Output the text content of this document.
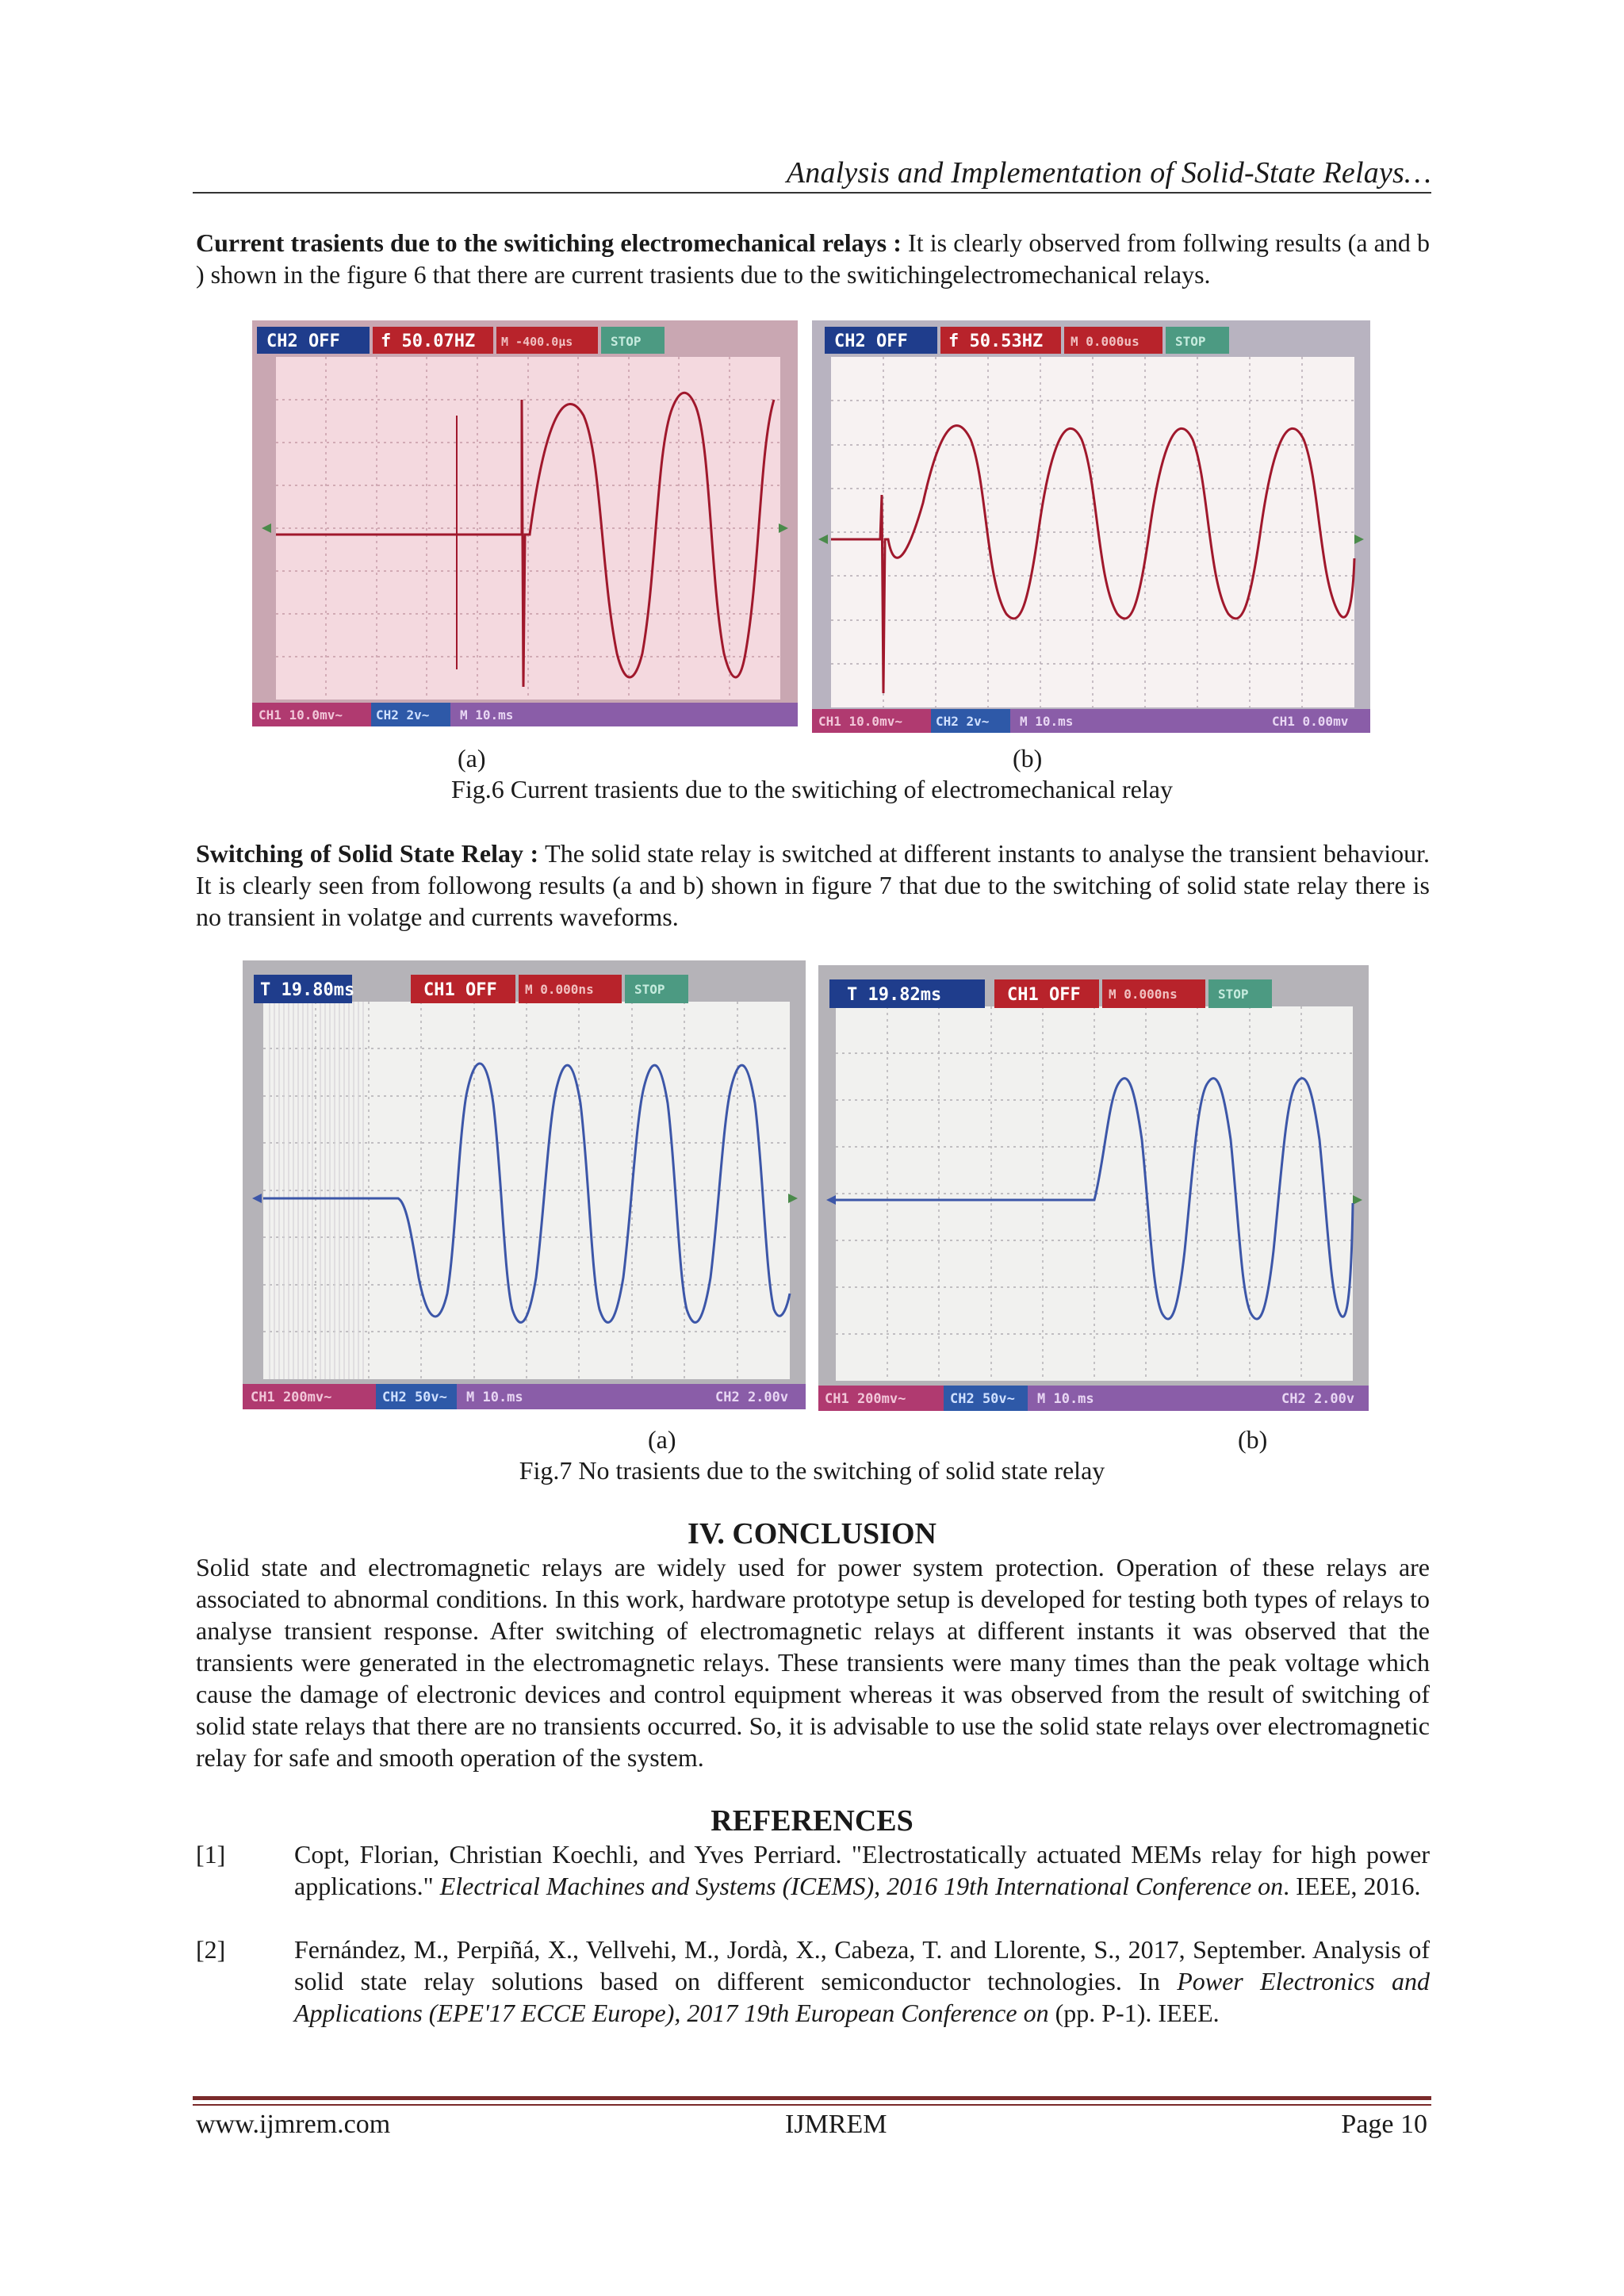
Analysis and Implementation of Solid-State Relays…
Current trasients due to the switiching electromechanical relays : It is clearly observed from follwing results (a and b ) shown in the figure 6 that there are current trasients due to the switichingelectromechanical relays.
CH2 OFF f 50.07HZ M -400.0μs	STOP
CH1 10.0mv~	CH2 2v~ M 10.ms
CH2 OFF f 50.53HZ M 0.000us	STOP
CH1 10.0mv~	CH2 2v~ M 10.ms	CH1 0.00mv
(a)	(b)
Fig.6 Current trasients due to the switiching of electromechanical relay
Switching of Solid State Relay : The solid state relay is switched at different instants to analyse the transient behaviour. It is clearly seen from followong results (a and b) shown in figure 7 that due to the switching of solid state relay there is no transient in volatge and currents waveforms.
T 19.80ms	CH1 OFF M 0.000ns	STOP
CH1 200mv~	CH2 50v~ M 10.ms	CH2 2.00v
T 19.82ms	CH1 OFF M 0.000ns	STOP
CH1 200mv~	CH2 50v~ M 10.ms	CH2 2.00v
(a)	(b)
Fig.7 No trasients due to the switching of solid state relay
IV. CONCLUSION
Solid state and electromagnetic relays are widely used for power system protection. Operation of these relays are associated to abnormal conditions. In this work, hardware prototype setup is developed for testing both types of relays to analyse transient response. After switching of electromagnetic relays at different instants it was observed that the transients were generated in the electromagnetic relays. These transients were many times than the peak voltage which cause the damage of electronic devices and control equipment whereas it was observed from the result of switching of solid state relays that there are no transients occurred. So, it is advisable to use the solid state relays over electromagnetic relay for safe and smooth operation of the system.
REFERENCES
[1]	Copt, Florian, Christian Koechli, and Yves Perriard. "Electrostatically actuated MEMs relay for high power applications." Electrical Machines and Systems (ICEMS), 2016 19th International Conference on. IEEE, 2016.
[2]	Fernández, M., Perpiñá, X., Vellvehi, M., Jordà, X., Cabeza, T. and Llorente, S., 2017, September. Analysis of solid state relay solutions based on different semiconductor technologies. In Power Electronics and Applications (EPE'17 ECCE Europe), 2017 19th European Conference on (pp. P-1). IEEE.
www.ijmrem.com	IJMREM	Page 10
